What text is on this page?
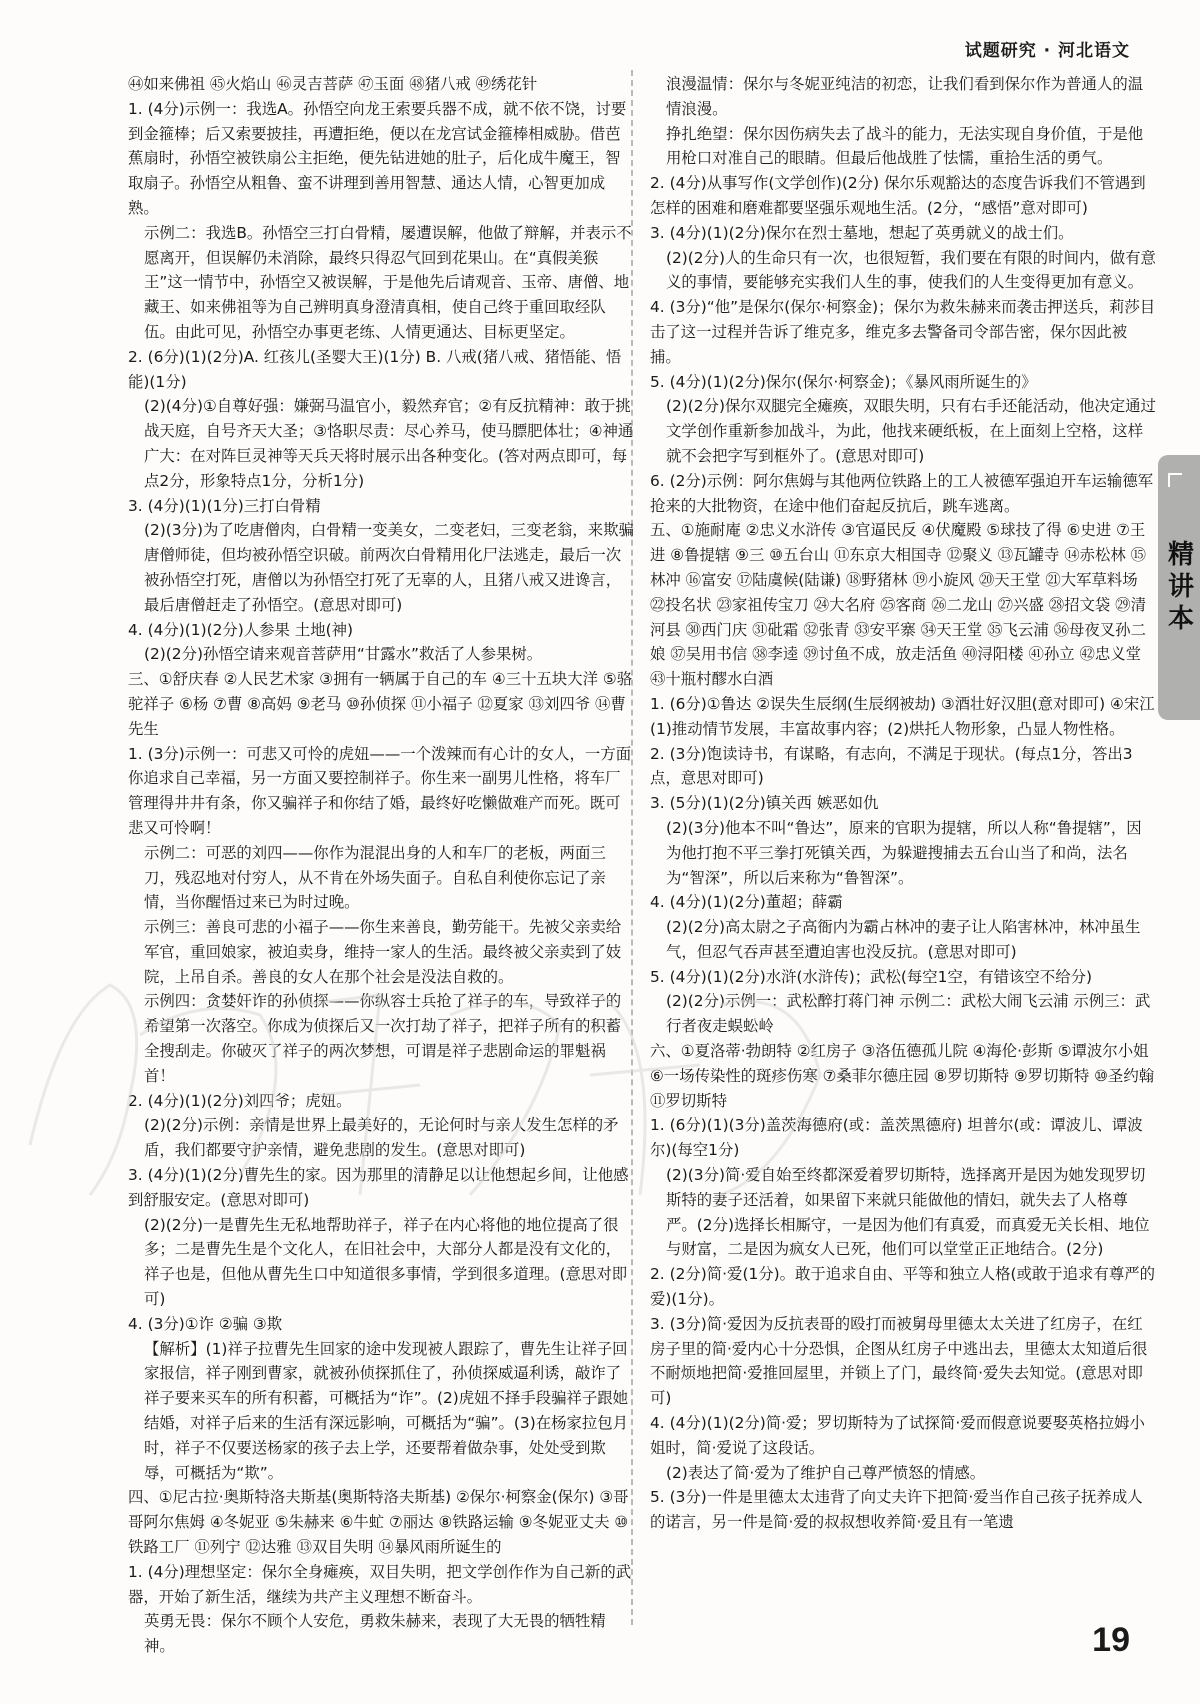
试题研究 · 河北语文

㊹如来佛祖 ㊺火焰山 ㊻灵吉菩萨 ㊼玉面 ㊽猪八戒 ㊾绣花针

1. (4分)示例一：我选A。孙悟空向龙王索要兵器不成，就不依不饶，讨要到金箍棒；后又索要披挂，再遭拒绝，便以在龙宫试金箍棒相威胁。借芭蕉扇时，孙悟空被铁扇公主拒绝，便先钻进她的肚子，后化成牛魔王，智取扇子。孙悟空从粗鲁、蛮不讲理到善用智慧、通达人情，心智更加成熟。

示例二：我选B。孙悟空三打白骨精，屡遭误解，他做了辩解，并表示不愿离开，但误解仍未消除，最终只得忍气回到花果山。在“真假美猴王”这一情节中，孙悟空又被误解，于是他先后请观音、玉帝、唐僧、地藏王、如来佛祖等为自己辨明真身澄清真相，使自己终于重回取经队伍。由此可见，孙悟空办事更老练、人情更通达、目标更坚定。

2. (6分)(1)(2分)A. 红孩儿(圣婴大王)(1分) B. 八戒(猪八戒、猪悟能、悟能)(1分)

(2)(4分)①自尊好强：嫌弼马温官小，毅然弃官；②有反抗精神：敢于挑战天庭，自号齐天大圣；③恪职尽责：尽心养马，使马膘肥体壮；④神通广大：在对阵巨灵神等天兵天将时展示出各种变化。(答对两点即可，每点2分，形象特点1分，分析1分)

3. (4分)(1)(1分)三打白骨精

(2)(3分)为了吃唐僧肉，白骨精一变美女，二变老妇，三变老翁，来欺骗唐僧师徒，但均被孙悟空识破。前两次白骨精用化尸法逃走，最后一次被孙悟空打死，唐僧以为孙悟空打死了无辜的人，且猪八戒又进谗言，最后唐僧赶走了孙悟空。(意思对即可)

4. (4分)(1)(2分)人参果 土地(神)

(2)(2分)孙悟空请来观音菩萨用“甘露水”救活了人参果树。

三、①舒庆春 ②人民艺术家 ③拥有一辆属于自己的车 ④三十五块大洋 ⑤骆驼祥子 ⑥杨 ⑦曹 ⑧高妈 ⑨老马 ⑩孙侦探 ⑪小福子 ⑫夏家 ⑬刘四爷 ⑭曹先生

1. (3分)示例一：可悲又可怜的虎妞——一个泼辣而有心计的女人，一方面你追求自己幸福，另一方面又要控制祥子。你生来一副男儿性格，将车厂管理得井井有条，你又骗祥子和你结了婚，最终好吃懒做难产而死。既可悲又可怜啊！

示例二：可恶的刘四——你作为混混出身的人和车厂的老板，两面三刀，残忍地对付穷人，从不肯在外场失面子。自私自利使你忘记了亲情，当你醒悟过来已为时过晚。

示例三：善良可悲的小福子——你生来善良，勤劳能干。先被父亲卖给军官，重回娘家，被迫卖身，维持一家人的生活。最终被父亲卖到了妓院，上吊自杀。善良的女人在那个社会是没法自救的。

示例四：贪婪奸诈的孙侦探——你纵容士兵抢了祥子的车，导致祥子的希望第一次落空。你成为侦探后又一次打劫了祥子，把祥子所有的积蓄全搜刮走。你破灭了祥子的两次梦想，可谓是祥子悲剧命运的罪魁祸首！

2. (4分)(1)(2分)刘四爷；虎妞。

(2)(2分)示例：亲情是世界上最美好的，无论何时与亲人发生怎样的矛盾，我们都要守护亲情，避免悲剧的发生。(意思对即可)

3. (4分)(1)(2分)曹先生的家。因为那里的清静足以让他想起乡间，让他感到舒服安定。(意思对即可)

(2)(2分)一是曹先生无私地帮助祥子，祥子在内心将他的地位提高了很多；二是曹先生是个文化人，在旧社会中，大部分人都是没有文化的，祥子也是，但他从曹先生口中知道很多事情，学到很多道理。(意思对即可)

4. (3分)①诈 ②骗 ③欺

【解析】(1)祥子拉曹先生回家的途中发现被人跟踪了，曹先生让祥子回家报信，祥子刚到曹家，就被孙侦探抓住了，孙侦探威逼利诱，敲诈了祥子要来买车的所有积蓄，可概括为“诈”。(2)虎妞不择手段骗祥子跟她结婚，对祥子后来的生活有深远影响，可概括为“骗”。(3)在杨家拉包月时，祥子不仅要送杨家的孩子去上学，还要帮着做杂事，处处受到欺辱，可概括为“欺”。

四、①尼古拉·奥斯特洛夫斯基(奥斯特洛夫斯基) ②保尔·柯察金(保尔) ③哥哥阿尔焦姆 ④冬妮亚 ⑤朱赫来 ⑥牛虻 ⑦丽达 ⑧铁路运输 ⑨冬妮亚丈夫 ⑩铁路工厂 ⑪列宁 ⑫达雅 ⑬双目失明 ⑭暴风雨所诞生的

1. (4分)理想坚定：保尔全身瘫痪，双目失明，把文学创作作为自己新的武器，开始了新生活，继续为共产主义理想不断奋斗。

英勇无畏：保尔不顾个人安危，勇救朱赫来，表现了大无畏的牺牲精神。

浪漫温情：保尔与冬妮亚纯洁的初恋，让我们看到保尔作为普通人的温情浪漫。

挣扎绝望：保尔因伤病失去了战斗的能力，无法实现自身价值，于是他用枪口对准自己的眼睛。但最后他战胜了怯懦，重拾生活的勇气。

2. (4分)从事写作(文学创作)(2分) 保尔乐观豁达的态度告诉我们不管遇到怎样的困难和磨难都要坚强乐观地生活。(2分，“感悟”意对即可)

3. (4分)(1)(2分)保尔在烈士墓地，想起了英勇就义的战士们。

(2)(2分)人的生命只有一次，也很短暂，我们要在有限的时间内，做有意义的事情，要能够充实我们人生的事，使我们的人生变得更加有意义。

4. (3分)“他”是保尔(保尔·柯察金)；保尔为救朱赫来而袭击押送兵，莉莎目击了这一过程并告诉了维克多，维克多去警备司令部告密，保尔因此被捕。

5. (4分)(1)(2分)保尔(保尔·柯察金)；《暴风雨所诞生的》

(2)(2分)保尔双腿完全瘫痪，双眼失明，只有右手还能活动，他决定通过文学创作重新参加战斗，为此，他找来硬纸板，在上面刻上空格，这样就不会把字写到框外了。(意思对即可)

6. (2分)示例：阿尔焦姆与其他两位铁路上的工人被德军强迫开车运输德军抢来的大批物资，在途中他们奋起反抗后，跳车逃离。

五、①施耐庵 ②忠义水浒传 ③官逼民反 ④伏魔殿 ⑤球技了得 ⑥史进 ⑦王进 ⑧鲁提辖 ⑨三 ⑩五台山 ⑪东京大相国寺 ⑫聚义 ⑬瓦罐寺 ⑭赤松林 ⑮林冲 ⑯富安 ⑰陆虞候(陆谦) ⑱野猪林 ⑲小旋风 ⑳天王堂 ㉑大军草料场 ㉒投名状 ㉓家祖传宝刀 ㉔大名府 ㉕客商 ㉖二龙山 ㉗兴盛 ㉘招文袋 ㉙清河县 ㉚西门庆 ㉛砒霜 ㉜张青 ㉝安平寨 ㉞天王堂 ㉟飞云浦 ㊱母夜叉孙二娘 ㊲吴用书信 ㊳李逵 ㊴讨鱼不成，放走活鱼 ㊵浔阳楼 ㊶孙立 ㊷忠义堂 ㊸十瓶村醪水白酒

1. (6分)①鲁达 ②误失生辰纲(生辰纲被劫) ③酒壮好汉胆(意对即可) ④宋江 (1)推动情节发展，丰富故事内容；(2)烘托人物形象，凸显人物性格。

2. (3分)饱读诗书，有谋略，有志向，不满足于现状。(每点1分，答出3点，意思对即可)

3. (5分)(1)(2分)镇关西 嫉恶如仇

(2)(3分)他本不叫“鲁达”，原来的官职为提辖，所以人称“鲁提辖”，因为他打抱不平三拳打死镇关西，为躲避搜捕去五台山当了和尚，法名为“智深”，所以后来称为“鲁智深”。

4. (4分)(1)(2分)董超；薛霸

(2)(2分)高太尉之子高衙内为霸占林冲的妻子让人陷害林冲，林冲虽生气，但忍气吞声甚至遭迫害也没反抗。(意思对即可)

5. (4分)(1)(2分)水浒(水浒传)；武松(每空1空，有错该空不给分)

(2)(2分)示例一：武松醉打蒋门神 示例二：武松大闹飞云浦 示例三：武行者夜走蜈蚣岭

六、①夏洛蒂·勃朗特 ②红房子 ③洛伍德孤儿院 ④海伦·彭斯 ⑤谭波尔小姐 ⑥一场传染性的斑疹伤寒 ⑦桑菲尔德庄园 ⑧罗切斯特 ⑨罗切斯特 ⑩圣约翰 ⑪罗切斯特

1. (6分)(1)(3分)盖茨海德府(或：盖茨黑德府) 坦普尔(或：谭波儿、谭波尔)(每空1分)

(2)(3分)简·爱自始至终都深爱着罗切斯特，选择离开是因为她发现罗切斯特的妻子还活着，如果留下来就只能做他的情妇，就失去了人格尊严。(2分)选择长相厮守，一是因为他们有真爱，而真爱无关长相、地位与财富，二是因为疯女人已死，他们可以堂堂正正地结合。(2分)

2. (2分)简·爱(1分)。敢于追求自由、平等和独立人格(或敢于追求有尊严的爱)(1分)。

3. (3分)简·爱因为反抗表哥的殴打而被舅母里德太太关进了红房子，在红房子里的简·爱内心十分恐惧，企图从红房子中逃出去，里德太太知道后很不耐烦地把简·爱推回屋里，并锁上了门，最终简·爱失去知觉。(意思对即可)

4. (4分)(1)(2分)简·爱；罗切斯特为了试探简·爱而假意说要娶英格拉姆小姐时，简·爱说了这段话。

(2)表达了简·爱为了维护自己尊严愤怒的情感。

5. (3分)一件是里德太太违背了向丈夫许下把简·爱当作自己孩子抚养成人的诺言，另一件是简·爱的叔叔想收养简·爱且有一笔遗

精讲本
19
